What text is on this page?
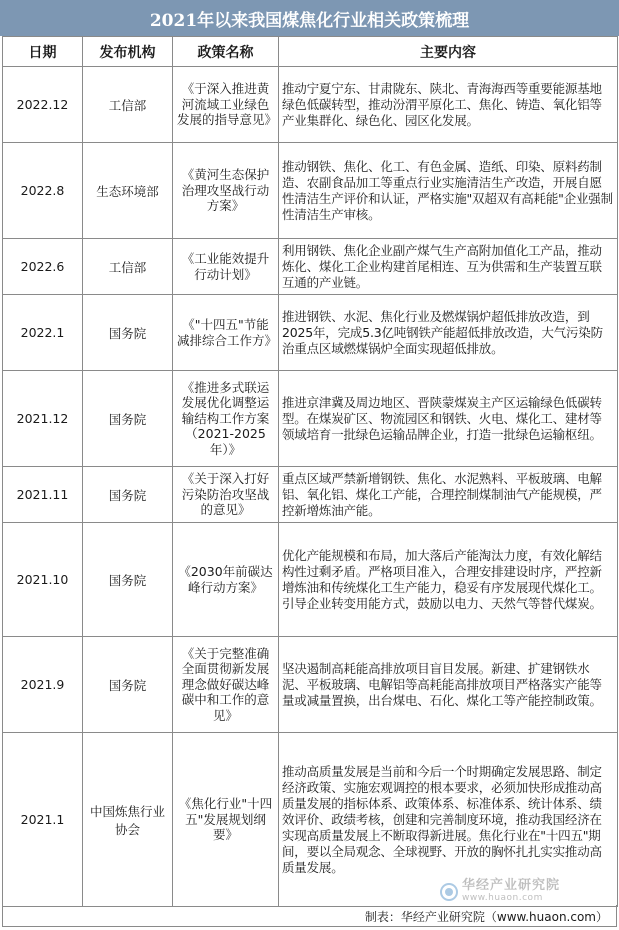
2021年以来我国煤焦化行业相关政策梳理
日期	发布机构	政策名称	主要内容
2022.12	工信部	《于深入推进黄河流域工业绿色发展的指导意见》	推动宁夏宁东、甘肃陇东、陕北、青海海西等重要能源基地绿色低碳转型，推动汾渭平原化工、焦化、铸造、氧化铝等产业集群化、绿色化、园区化发展。
2022.8	生态环境部	《黄河生态保护治理攻坚战行动方案》	推动钢铁、焦化、化工、有色金属、造纸、印染、原料药制造、农副食品加工等重点行业实施清洁生产改造，开展自愿性清洁生产评价和认证，严格实施"双超双有高耗能"企业强制性清洁生产审核。
2022.6	工信部	《工业能效提升行动计划》	利用钢铁、焦化企业副产煤气生产高附加值化工产品，推动炼化、煤化工企业构建首尾相连、互为供需和生产装置互联互通的产业链。
2022.1	国务院	《"十四五"节能减排综合工作方》	推进钢铁、水泥、焦化行业及燃煤锅炉超低排放改造，到2025年，完成5.3亿吨钢铁产能超低排放改造，大气污染防治重点区域燃煤锅炉全面实现超低排放。
2021.12	国务院	《推进多式联运发展优化调整运输结构工作方案（2021-2025年）》	推进京津冀及周边地区、晋陕蒙煤炭主产区运输绿色低碳转型。在煤炭矿区、物流园区和钢铁、火电、煤化工、建材等领域培育一批绿色运输品牌企业，打造一批绿色运输枢纽。
2021.11	国务院	《关于深入打好污染防治攻坚战的意见》	重点区域严禁新增钢铁、焦化、水泥熟料、平板玻璃、电解铝、氧化铝、煤化工产能，合理控制煤制油气产能规模，严控新增炼油产能。
2021.10	国务院	《2030年前碳达峰行动方案》	优化产能规模和布局，加大落后产能淘汰力度，有效化解结构性过剩矛盾。严格项目准入，合理安排建设时序，严控新增炼油和传统煤化工生产能力，稳妥有序发展现代煤化工。引导企业转变用能方式，鼓励以电力、天然气等替代煤炭。
2021.9	国务院	《关于完整准确全面贯彻新发展理念做好碳达峰碳中和工作的意见》	坚决遏制高耗能高排放项目盲目发展。新建、扩建钢铁水泥、平板玻璃、电解铝等高耗能高排放项目严格落实产能等量或减量置换，出台煤电、石化、煤化工等产能控制政策。
2021.1	中国炼焦行业协会	《焦化行业"十四五"发展规划纲要》	推动高质量发展是当前和今后一个时期确定发展思路、制定经济政策、实施宏观调控的根本要求，必须加快形成推动高质量发展的指标体系、政策体系、标准体系、统计体系、绩效评价、政绩考核，创建和完善制度环境，推动我国经济在实现高质量发展上不断取得新进展。焦化行业在"十四五"期间，要以全局观念、全球视野、开放的胸怀扎扎实实推动高质量发展。
华经产业研究院
www.huaon.com
制表：华经产业研究院（www.huaon.com）
